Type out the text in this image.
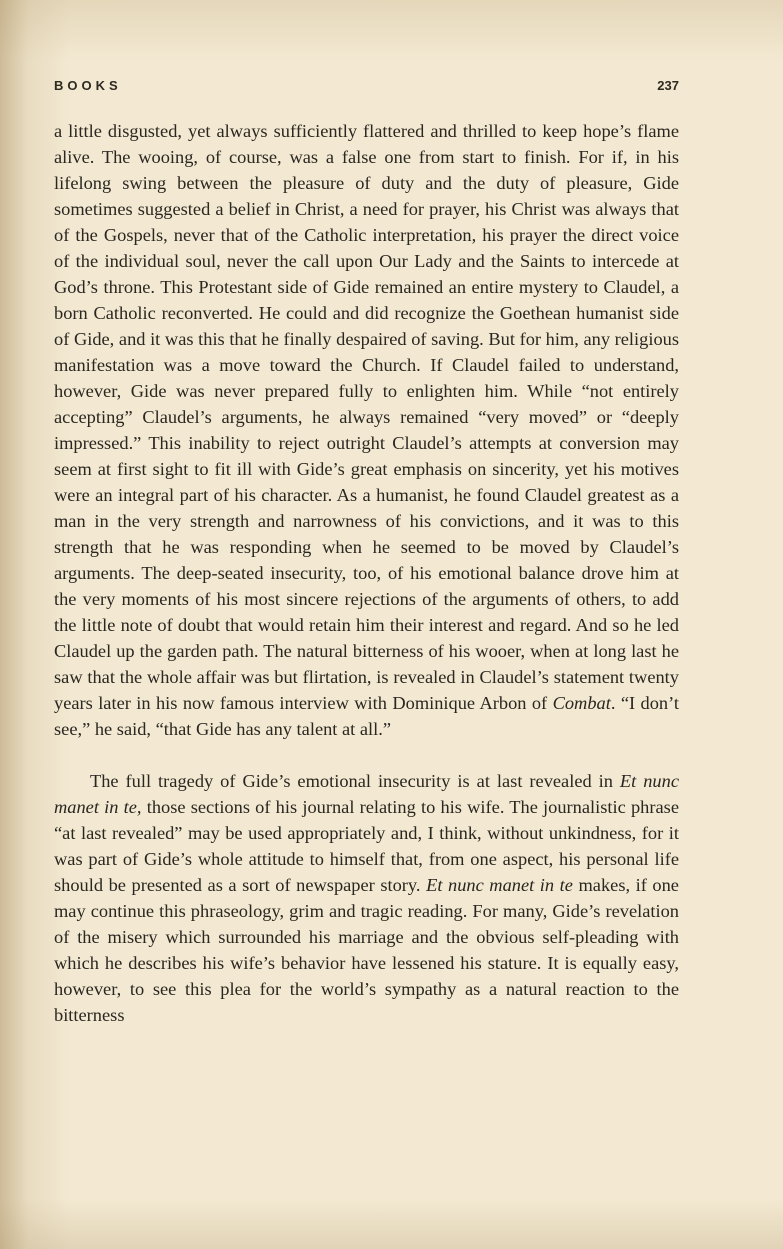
BOOKS	237

a little disgusted, yet always sufficiently flattered and thrilled to keep hope’s flame alive. The wooing, of course, was a false one from start to finish. For if, in his lifelong swing between the pleasure of duty and the duty of pleasure, Gide sometimes suggested a belief in Christ, a need for prayer, his Christ was always that of the Gospels, never that of the Catholic interpretation, his prayer the direct voice of the individual soul, never the call upon Our Lady and the Saints to intercede at God’s throne. This Protestant side of Gide remained an entire mystery to Claudel, a born Catholic reconverted. He could and did recognize the Goethean humanist side of Gide, and it was this that he finally despaired of saving. But for him, any religious manifestation was a move toward the Church. If Claudel failed to understand, however, Gide was never prepared fully to enlighten him. While “not entirely accepting” Claudel’s arguments, he always remained “very moved” or “deeply impressed.” This inability to reject outright Claudel’s attempts at conversion may seem at first sight to fit ill with Gide’s great emphasis on sincerity, yet his motives were an integral part of his character. As a humanist, he found Claudel greatest as a man in the very strength and narrowness of his convictions, and it was to this strength that he was responding when he seemed to be moved by Claudel’s arguments. The deep-seated insecurity, too, of his emotional balance drove him at the very moments of his most sincere rejections of the arguments of others, to add the little note of doubt that would retain him their interest and regard. And so he led Claudel up the garden path. The natural bitterness of his wooer, when at long last he saw that the whole affair was but flirtation, is revealed in Claudel’s statement twenty years later in his now famous interview with Dominique Arbon of Combat. “I don’t see,” he said, “that Gide has any talent at all.”

The full tragedy of Gide’s emotional insecurity is at last revealed in Et nunc manet in te, those sections of his journal relating to his wife. The journalistic phrase “at last revealed” may be used appropriately and, I think, without unkindness, for it was part of Gide’s whole attitude to himself that, from one aspect, his personal life should be presented as a sort of newspaper story. Et nunc manet in te makes, if one may continue this phraseology, grim and tragic reading. For many, Gide’s revelation of the misery which surrounded his marriage and the obvious self-pleading with which he describes his wife’s behavior have lessened his stature. It is equally easy, however, to see this plea for the world’s sympathy as a natural reaction to the bitterness
